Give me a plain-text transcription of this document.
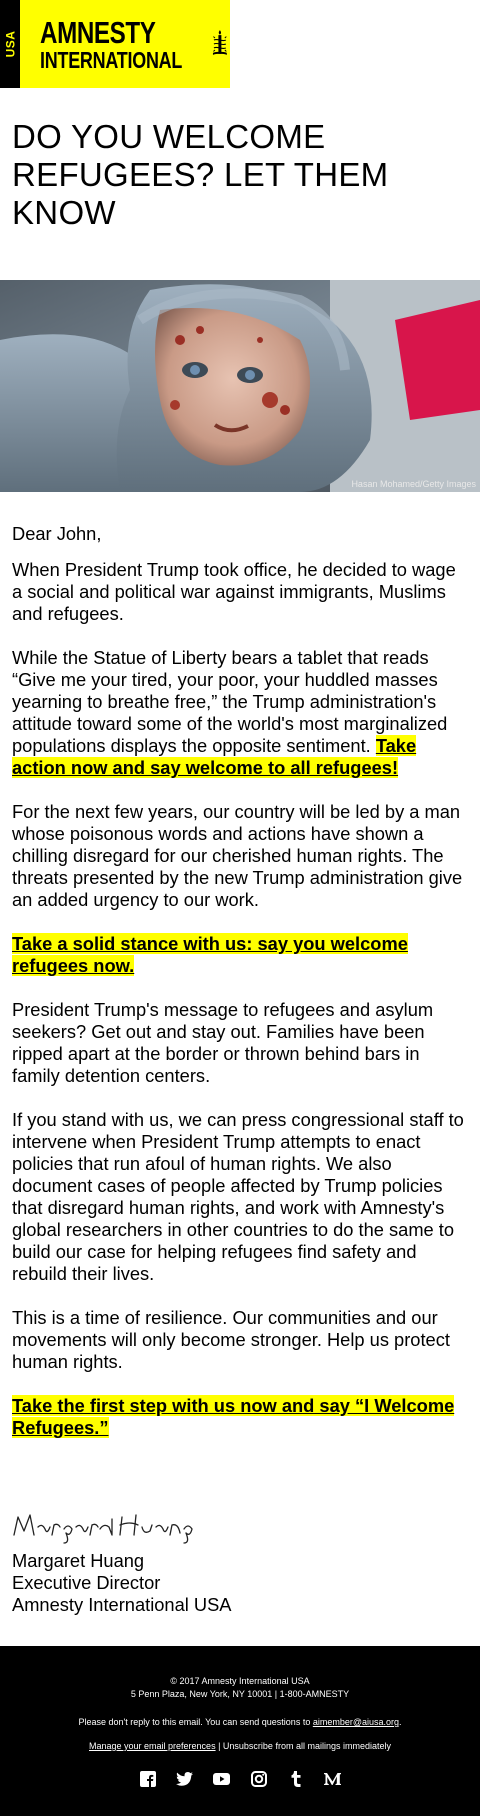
USA AMNESTY
INTERNATIONAL
DO YOU WELCOME
REFUGEES? LET THEM
KNOW
Hasan Mohamed/Getty Images

Dear John,

When President Trump took office, he decided to wage a social and political war against immigrants, Muslims and refugees.

While the Statue of Liberty bears a tablet that reads “Give me your tired, your poor, your huddled masses yearning to breathe free,” the Trump administration's attitude toward some of the world's most marginalized populations displays the opposite sentiment. Take action now and say welcome to all refugees!

For the next few years, our country will be led by a man whose poisonous words and actions have shown a chilling disregard for our cherished human rights. The threats presented by the new Trump administration give an added urgency to our work.

Take a solid stance with us: say you welcome refugees now.

President Trump's message to refugees and asylum seekers? Get out and stay out. Families have been ripped apart at the border or thrown behind bars in family detention centers.

If you stand with us, we can press congressional staff to intervene when President Trump attempts to enact policies that run afoul of human rights. We also document cases of people affected by Trump policies that disregard human rights, and work with Amnesty's global researchers in other countries to do the same to build our case for helping refugees find safety and rebuild their lives.

This is a time of resilience. Our communities and our movements will only become stronger. Help us protect human rights.

Take the first step with us now and say “I Welcome Refugees.”

Margaret Huang
Executive Director
Amnesty International USA
© 2017 Amnesty International USA
5 Penn Plaza, New York, NY 10001 | 1-800-AMNESTY
Please don't reply to this email. You can send questions to aimember@aiusa.org.
Manage your email preferences | Unsubscribe from all mailings immediately
